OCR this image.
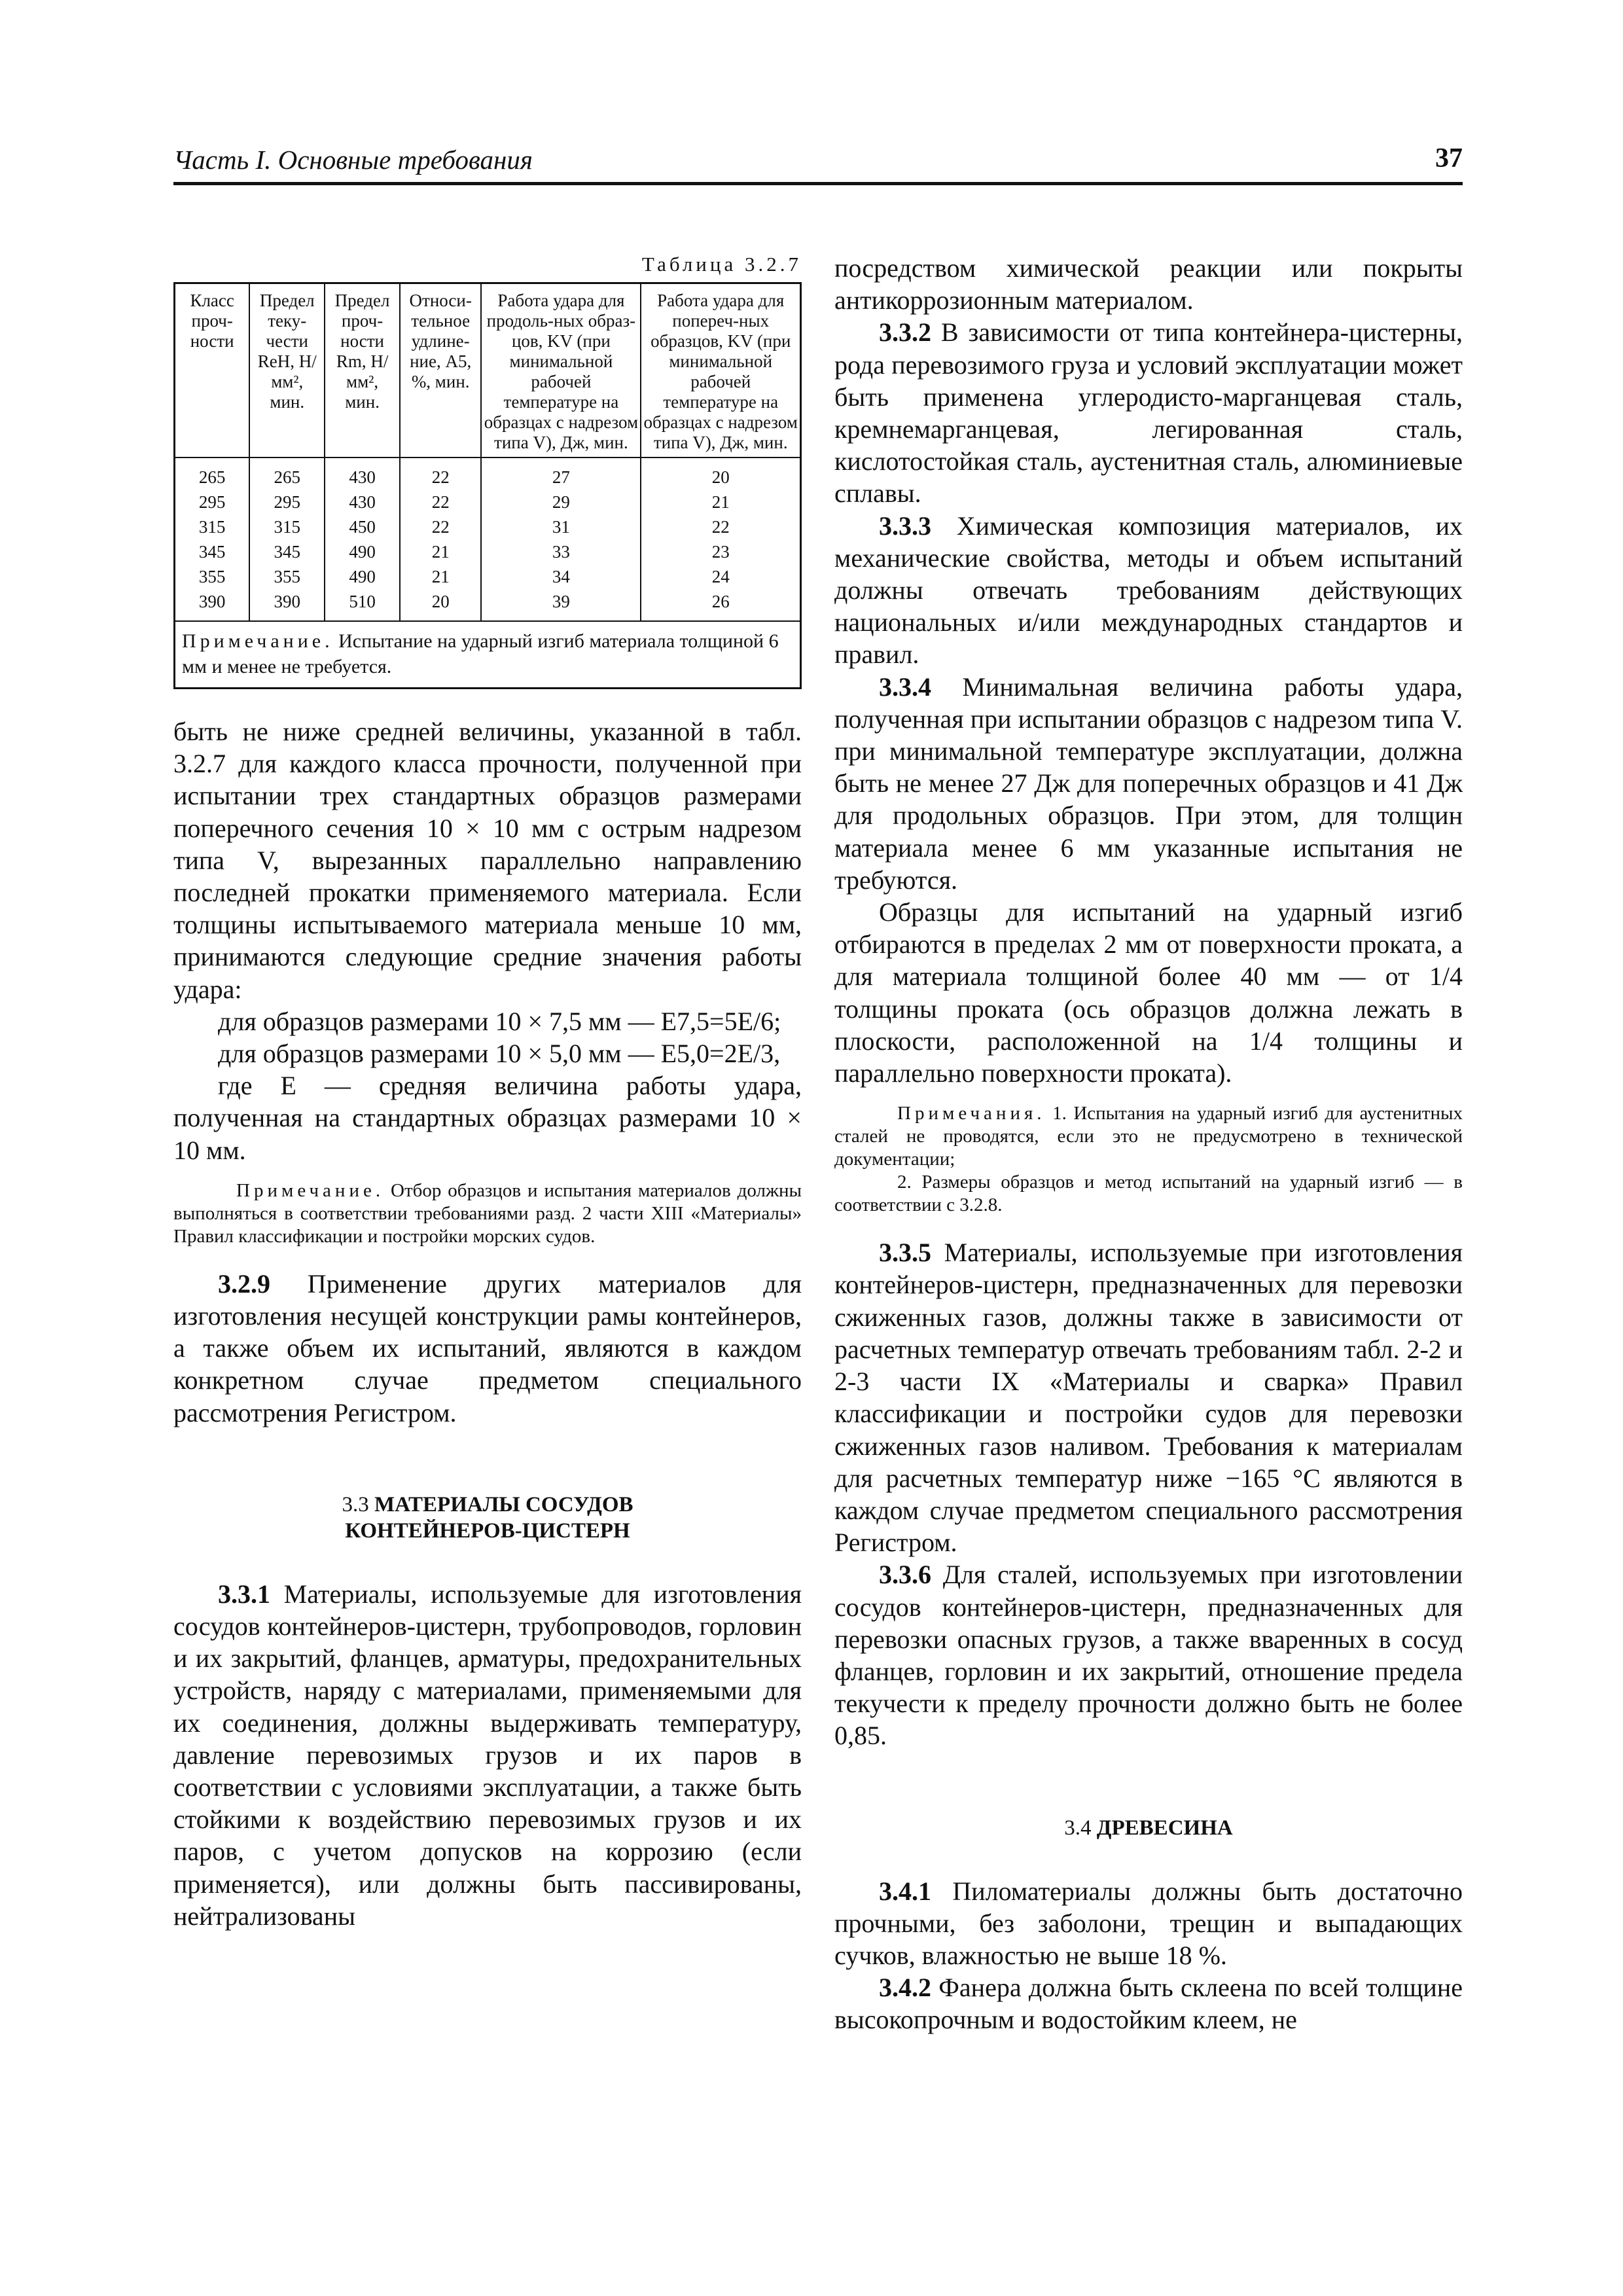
Часть I. Основные требования	37
Таблица 3.2.7
Класс проч-ности	Предел теку-чести ReH, Н/мм², мин.	Предел проч-ности Rm, Н/мм², мин.	Относи-тельное удлине-ние, A5, %, мин.	Работа удара для продоль-ных образ-цов, KV (при минимальной рабочей температуре на образцах с надрезом типа V), Дж, мин.	Работа удара для попереч-ных образцов, KV (при минимальной рабочей температуре на образцах с надрезом типа V), Дж, мин.
265	265	430	22	27	20
295	295	430	22	29	21
315	315	450	22	31	22
345	345	490	21	33	23
355	355	490	21	34	24
390	390	510	20	39	26
Примечание. Испытание на ударный изгиб материала толщиной 6 мм и менее не требуется.					

быть не ниже средней величины, указанной в табл. 3.2.7 для каждого класса прочности, полученной при испытании трех стандартных образцов размерами поперечного сечения 10 × 10 мм с острым надрезом типа V, вырезанных параллельно направлению последней прокатки применяемого материала. Если толщины испытываемого материала меньше 10 мм, принимаются следующие средние значения работы удара:

для образцов размерами 10 × 7,5 мм — E7,5=5E/6;

для образцов размерами 10 × 5,0 мм — E5,0=2E/3,

где E — средняя величина работы удара, полученная на стандартных образцах размерами 10 × 10 мм.

Примечание. Отбор образцов и испытания материалов должны выполняться в соответствии требованиями разд. 2 части XIII «Материалы» Правил классификации и постройки морских судов.

3.2.9 Применение других материалов для изготовления несущей конструкции рамы контейнеров, а также объем их испытаний, являются в каждом конкретном случае предметом специального рассмотрения Регистром.

3.3 МАТЕРИАЛЫ СОСУДОВ
КОНТЕЙНЕРОВ-ЦИСТЕРН

3.3.1 Материалы, используемые для изготовления сосудов контейнеров-цистерн, трубопроводов, горловин и их закрытий, фланцев, арматуры, предохранительных устройств, наряду с материалами, применяемыми для их соединения, должны выдерживать температуру, давление перевозимых грузов и их паров в соответствии с условиями эксплуатации, а также быть стойкими к воздействию перевозимых грузов и их паров, с учетом допусков на коррозию (если применяется), или должны быть пассивированы, нейтрализованы

посредством химической реакции или покрыты антикоррозионным материалом.

3.3.2 В зависимости от типа контейнера-цистерны, рода перевозимого груза и условий эксплуатации может быть применена углеродисто-марганцевая сталь, кремнемарганцевая, легированная сталь, кислотостойкая сталь, аустенитная сталь, алюминиевые сплавы.

3.3.3 Химическая композиция материалов, их механические свойства, методы и объем испытаний должны отвечать требованиям действующих национальных и/или международных стандартов и правил.

3.3.4 Минимальная величина работы удара, полученная при испытании образцов с надрезом типа V. при минимальной температуре эксплуатации, должна быть не менее 27 Дж для поперечных образцов и 41 Дж для продольных образцов. При этом, для толщин материала менее 6 мм указанные испытания не требуются.

Образцы для испытаний на ударный изгиб отбираются в пределах 2 мм от поверхности проката, а для материала толщиной более 40 мм — от 1/4 толщины проката (ось образцов должна лежать в плоскости, расположенной на 1/4 толщины и параллельно поверхности проката).

Примечания. 1. Испытания на ударный изгиб для аустенитных сталей не проводятся, если это не предусмотрено в технической документации;

2. Размеры образцов и метод испытаний на ударный изгиб — в соответствии с 3.2.8.

3.3.5 Материалы, используемые при изготовления контейнеров-цистерн, предназначенных для перевозки сжиженных газов, должны также в зависимости от расчетных температур отвечать требованиям табл. 2-2 и 2-3 части IX «Материалы и сварка» Правил классификации и постройки судов для перевозки сжиженных газов наливом. Требования к материалам для расчетных температур ниже −165 °C являются в каждом случае предметом специального рассмотрения Регистром.

3.3.6 Для сталей, используемых при изготовлении сосудов контейнеров-цистерн, предназначенных для перевозки опасных грузов, а также вваренных в сосуд фланцев, горловин и их закрытий, отношение предела текучести к пределу прочности должно быть не более 0,85.

3.4 ДРЕВЕСИНА

3.4.1 Пиломатериалы должны быть достаточно прочными, без заболони, трещин и выпадающих сучков, влажностью не выше 18 %.

3.4.2 Фанера должна быть склеена по всей толщине высокопрочным и водостойким клеем, не
